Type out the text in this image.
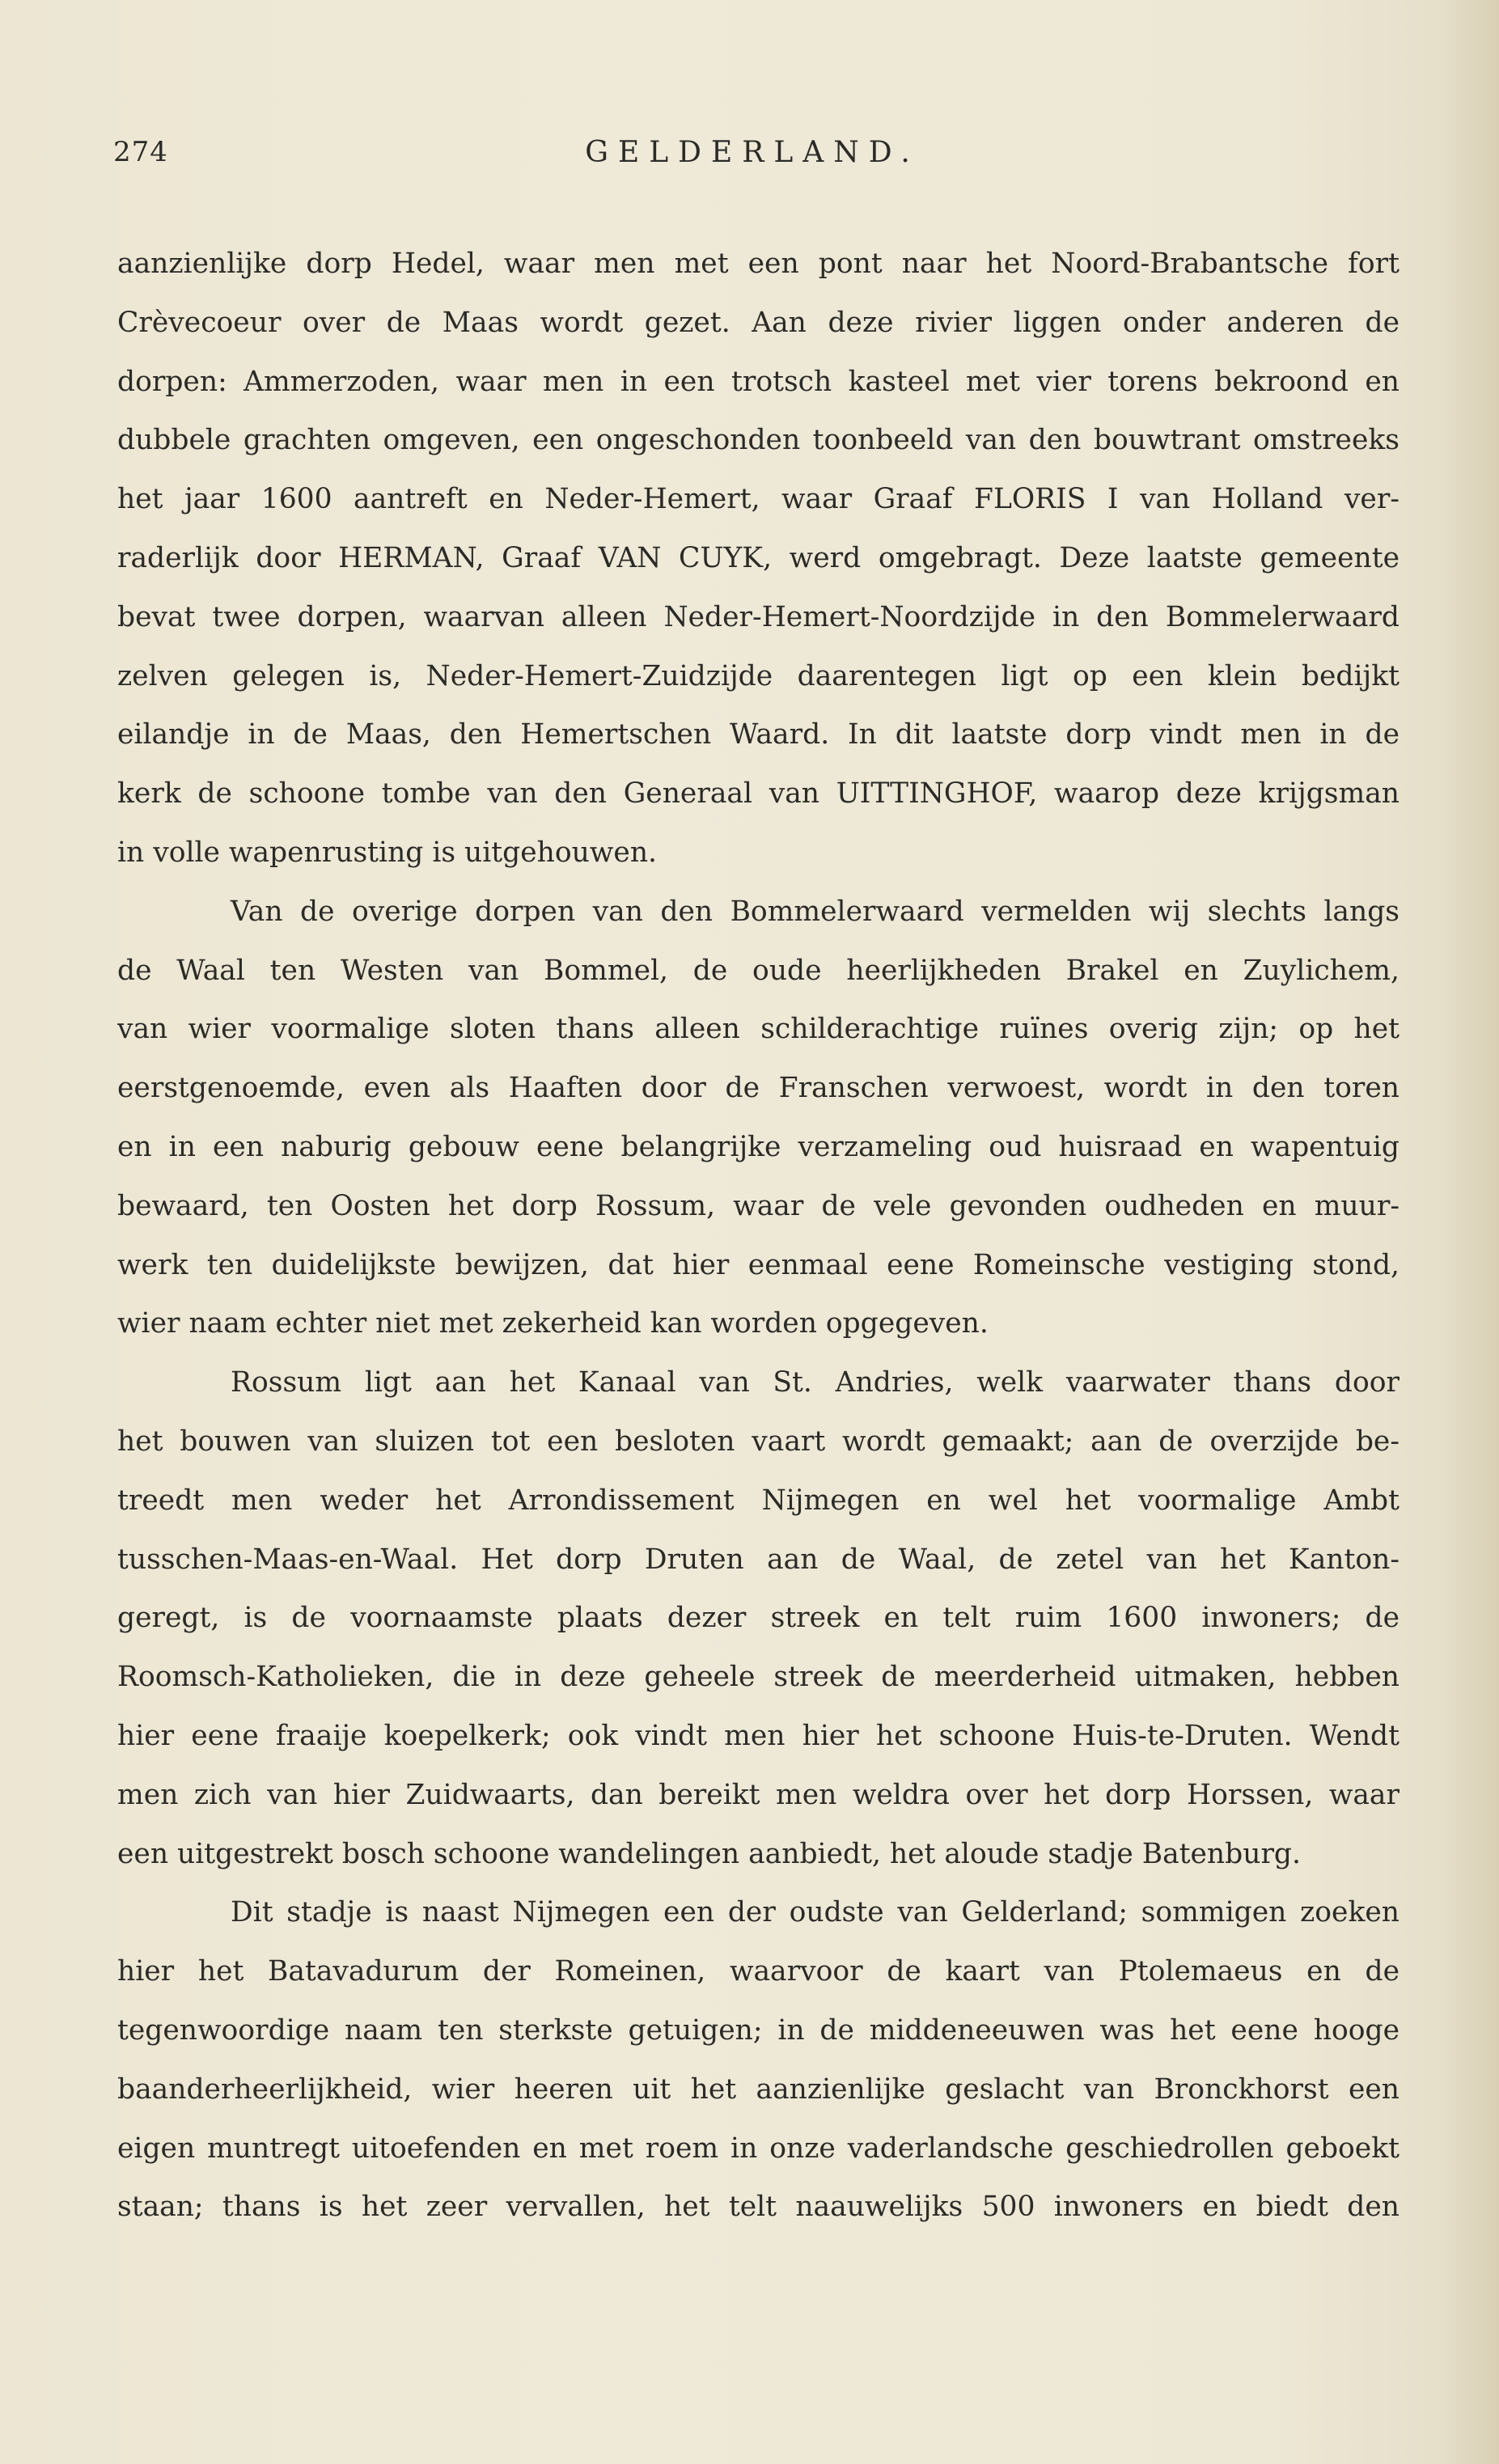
274	GELDERLAND.
aanzienlijke dorp Hedel, waar men met een pont naar het Noord-Brabantsche fort
Crèvecoeur over de Maas wordt gezet. Aan deze rivier liggen onder anderen de
dorpen: Ammerzoden, waar men in een trotsch kasteel met vier torens bekroond en
dubbele grachten omgeven, een ongeschonden toonbeeld van den bouwtrant omstreeks
het jaar 1600 aantreft en Neder-Hemert, waar Graaf FLORIS I van Holland ver-
raderlijk door HERMAN, Graaf VAN CUYK, werd omgebragt. Deze laatste gemeente
bevat twee dorpen, waarvan alleen Neder-Hemert-Noordzijde in den Bommelerwaard
zelven gelegen is, Neder-Hemert-Zuidzijde daarentegen ligt op een klein bedijkt
eilandje in de Maas, den Hemertschen Waard. In dit laatste dorp vindt men in de
kerk de schoone tombe van den Generaal van UITTINGHOF, waarop deze krijgsman
in volle wapenrusting is uitgehouwen.
Van de overige dorpen van den Bommelerwaard vermelden wij slechts langs
de Waal ten Westen van Bommel, de oude heerlijkheden Brakel en Zuylichem,
van wier voormalige sloten thans alleen schilderachtige ruïnes overig zijn; op het
eerstgenoemde, even als Haaften door de Franschen verwoest, wordt in den toren
en in een naburig gebouw eene belangrijke verzameling oud huisraad en wapentuig
bewaard, ten Oosten het dorp Rossum, waar de vele gevonden oudheden en muur-
werk ten duidelijkste bewijzen, dat hier eenmaal eene Romeinsche vestiging stond,
wier naam echter niet met zekerheid kan worden opgegeven.
Rossum ligt aan het Kanaal van St. Andries, welk vaarwater thans door
het bouwen van sluizen tot een besloten vaart wordt gemaakt; aan de overzijde be-
treedt men weder het Arrondissement Nijmegen en wel het voormalige Ambt
tusschen-Maas-en-Waal. Het dorp Druten aan de Waal, de zetel van het Kanton-
geregt, is de voornaamste plaats dezer streek en telt ruim 1600 inwoners; de
Roomsch-Katholieken, die in deze geheele streek de meerderheid uitmaken, hebben
hier eene fraaije koepelkerk; ook vindt men hier het schoone Huis-te-Druten. Wendt
men zich van hier Zuidwaarts, dan bereikt men weldra over het dorp Horssen, waar
een uitgestrekt bosch schoone wandelingen aanbiedt, het aloude stadje Batenburg.
Dit stadje is naast Nijmegen een der oudste van Gelderland; sommigen zoeken
hier het Batavadurum der Romeinen, waarvoor de kaart van Ptolemaeus en de
tegenwoordige naam ten sterkste getuigen; in de middeneeuwen was het eene hooge
baanderheerlijkheid, wier heeren uit het aanzienlijke geslacht van Bronckhorst een
eigen muntregt uitoefenden en met roem in onze vaderlandsche geschiedrollen geboekt
staan; thans is het zeer vervallen, het telt naauwelijks 500 inwoners en biedt den
